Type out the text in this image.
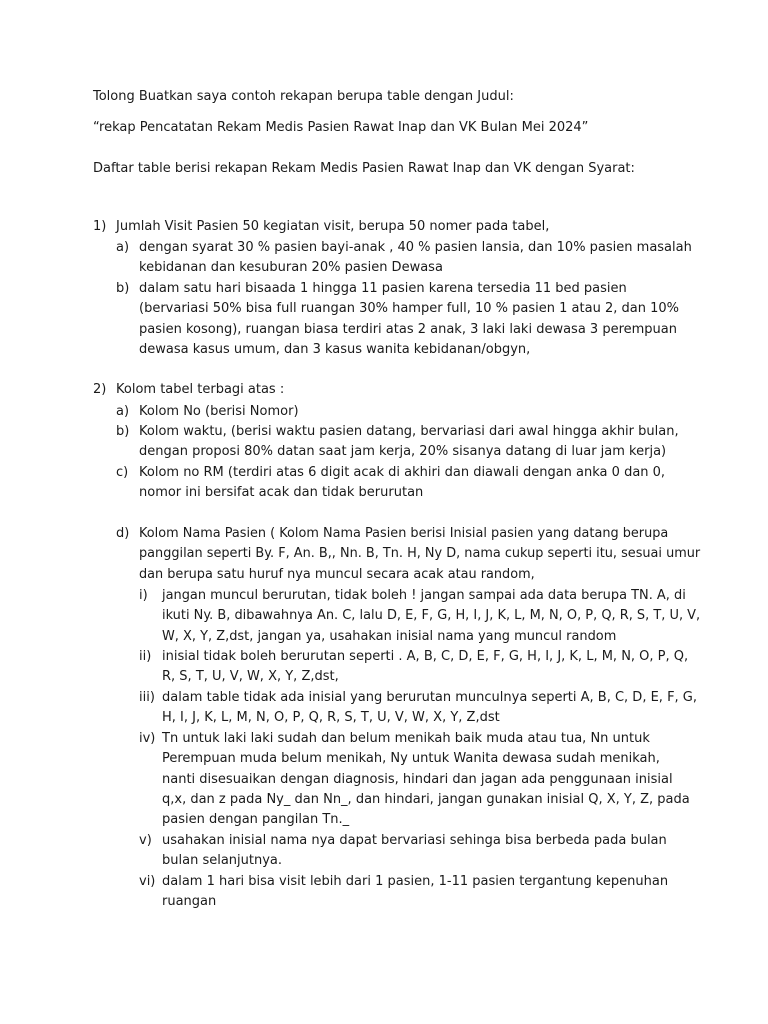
Tolong Buatkan saya contoh rekapan berupa table dengan Judul:
“rekap Pencatatan Rekam Medis Pasien Rawat Inap dan VK Bulan Mei 2024”
Daftar table berisi rekapan Rekam Medis Pasien Rawat Inap dan VK dengan Syarat:
1) Jumlah Visit Pasien 50 kegiatan visit, berupa 50 nomer pada tabel,
a) dengan syarat 30 % pasien bayi-anak , 40 % pasien lansia, dan 10% pasien masalah
kebidanan dan kesuburan 20% pasien Dewasa
b) dalam satu hari bisaada 1 hingga 11 pasien karena tersedia 11 bed pasien
(bervariasi 50% bisa full ruangan 30% hamper full, 10 % pasien 1 atau 2, dan 10%
pasien kosong), ruangan biasa terdiri atas 2 anak, 3 laki laki dewasa 3 perempuan
dewasa kasus umum, dan 3 kasus wanita kebidanan/obgyn,
2) Kolom tabel terbagi atas :
a) Kolom No (berisi Nomor)
b) Kolom waktu, (berisi waktu pasien datang, bervariasi dari awal hingga akhir bulan,
dengan proposi 80% datan saat jam kerja, 20% sisanya datang di luar jam kerja)
c) Kolom no RM (terdiri atas 6 digit acak di akhiri dan diawali dengan anka 0 dan 0,
nomor ini bersifat acak dan tidak berurutan
d) Kolom Nama Pasien ( Kolom Nama Pasien berisi Inisial pasien yang datang berupa
panggilan seperti By. F, An. B,, Nn. B, Tn. H, Ny D, nama cukup seperti itu, sesuai umur
dan berupa satu huruf nya muncul secara acak atau random,
i) jangan muncul berurutan, tidak boleh ! jangan sampai ada data berupa TN. A, di
ikuti Ny. B, dibawahnya An. C, lalu D, E, F, G, H, I, J, K, L, M, N, O, P, Q, R, S, T, U, V,
W, X, Y, Z,dst, jangan ya, usahakan inisial nama yang muncul random
ii) inisial tidak boleh berurutan seperti . A, B, C, D, E, F, G, H, I, J, K, L, M, N, O, P, Q,
R, S, T, U, V, W, X, Y, Z,dst,
iii) dalam table tidak ada inisial yang berurutan munculnya seperti A, B, C, D, E, F, G,
H, I, J, K, L, M, N, O, P, Q, R, S, T, U, V, W, X, Y, Z,dst
iv) Tn untuk laki laki sudah dan belum menikah baik muda atau tua, Nn untuk
Perempuan muda belum menikah, Ny untuk Wanita dewasa sudah menikah,
nanti disesuaikan dengan diagnosis, hindari dan jagan ada penggunaan inisial
q,x, dan z pada Ny_ dan Nn_, dan hindari, jangan gunakan inisial Q, X, Y, Z, pada
pasien dengan pangilan Tn._
v) usahakan inisial nama nya dapat bervariasi sehinga bisa berbeda pada bulan
bulan selanjutnya.
vi) dalam 1 hari bisa visit lebih dari 1 pasien, 1-11 pasien tergantung kepenuhan
ruangan
